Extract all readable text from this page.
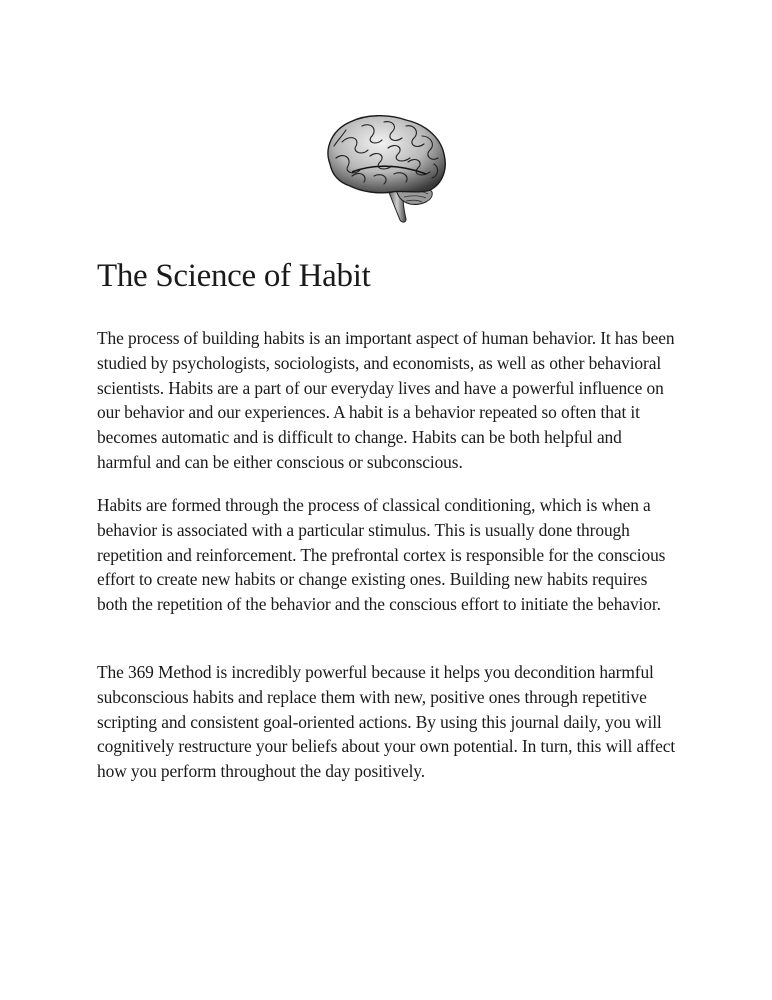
The Science of Habit

The process of building habits is an important aspect of human behavior. It has been studied by psychologists, sociologists, and economists, as well as other behavioral scientists. Habits are a part of our everyday lives and have a powerful influence on our behavior and our experiences. A habit is a behavior repeated so often that it becomes automatic and is difficult to change. Habits can be both helpful and harmful and can be either conscious or subconscious.

Habits are formed through the process of classical conditioning, which is when a behavior is associated with a particular stimulus. This is usually done through repetition and reinforcement. The prefrontal cortex is responsible for the conscious effort to create new habits or change existing ones. Building new habits requires both the repetition of the behavior and the conscious effort to initiate the behavior.

The 369 Method is incredibly powerful because it helps you decondition harmful subconscious habits and replace them with new, positive ones through repetitive scripting and consistent goal-oriented actions. By using this journal daily, you will cognitively restructure your beliefs about your own potential. In turn, this will affect how you perform throughout the day positively.
